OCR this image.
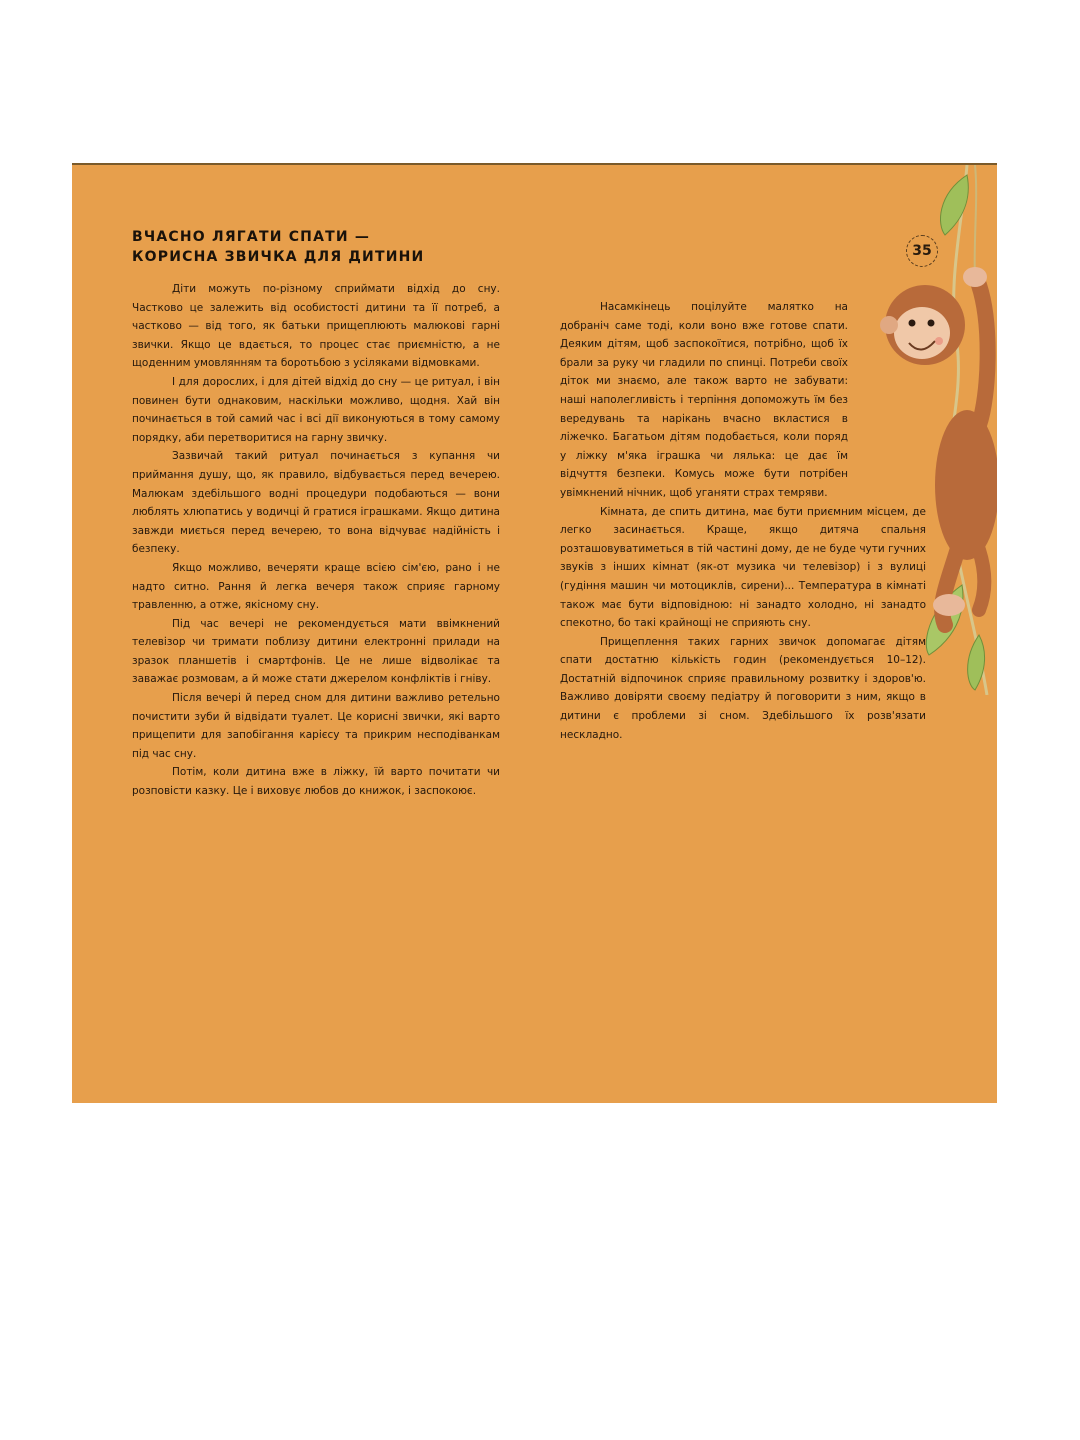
ВЧАСНО ЛЯГАТИ СПАТИ —
КОРИСНА ЗВИЧКА ДЛЯ ДИТИНИ	35

Діти можуть по-різному сприймати відхід до сну. Частково це залежить від особистості дитини та її потреб, а частково — від того, як батьки прищеплюють малюкові гарні звички. Якщо це вдається, то процес стає приємністю, а не щоденним умовлянням та боротьбою з усіляками відмовками.

І для дорослих, і для дітей відхід до сну — це ритуал, і він повинен бути однаковим, наскільки можливо, щодня. Хай він починається в той самий час і всі дії виконуються в тому самому порядку, аби перетворитися на гарну звичку.

Зазвичай такий ритуал починається з купання чи приймання душу, що, як правило, відбувається перед вечерею. Малюкам здебільшого водні процедури подобаються — вони люблять хлюпатись у водичці й гратися іграшками. Якщо дитина завжди миється перед вечерею, то вона відчуває надійність і безпеку.

Якщо можливо, вечеряти краще всією сім'єю, рано і не надто ситно. Рання й легка вечеря також сприяє гарному травленню, а отже, якісному сну.

Під час вечері не рекомендується мати ввімкнений телевізор чи тримати поблизу дитини електронні прилади на зразок планшетів і смартфонів. Це не лише відволікає та заважає розмовам, а й може стати джерелом конфліктів і гніву.

Після вечері й перед сном для дитини важливо ретельно почистити зуби й відвідати туалет. Це корисні звички, які варто прищепити для запобігання карієсу та прикрим несподіванкам під час сну.

Потім, коли дитина вже в ліжку, їй варто почитати чи розповісти казку. Це і виховує любов до книжок, і заспокоює.

Насамкінець поцілуйте малятко на добраніч саме тоді, коли воно вже готове спати. Деяким дітям, щоб заспокоїтися, потрібно, щоб їх брали за руку чи гладили по спинці. Потреби своїх діток ми знаємо, але також варто не забувати: наші наполегливість і терпіння допоможуть їм без вередувань та нарікань вчасно вкластися в ліжечко. Багатьом дітям подобається, коли поряд у ліжку м'яка іграшка чи лялька: це дає їм відчуття безпеки. Комусь може бути потрібен увімкнений нічник, щоб уганяти страх темряви.

Кімната, де спить дитина, має бути приємним місцем, де легко засинається. Краще, якщо дитяча спальня розташовуватиметься в тій частині дому, де не буде чути гучних звуків з інших кімнат (як-от музика чи телевізор) і з вулиці (гудіння машин чи мотоциклів, сирени)... Температура в кімнаті також має бути відповідною: ні занадто холодно, ні занадто спекотно, бо такі крайнощі не сприяють сну.

Прищеплення таких гарних звичок допомагає дітям спати достатню кількість годин (рекомендується 10–12). Достатній відпочинок сприяє правильному розвитку і здоров'ю. Важливо довіряти своєму педіатру й поговорити з ним, якщо в дитини є проблеми зі сном. Здебільшого їх розв'язати нескладно.
